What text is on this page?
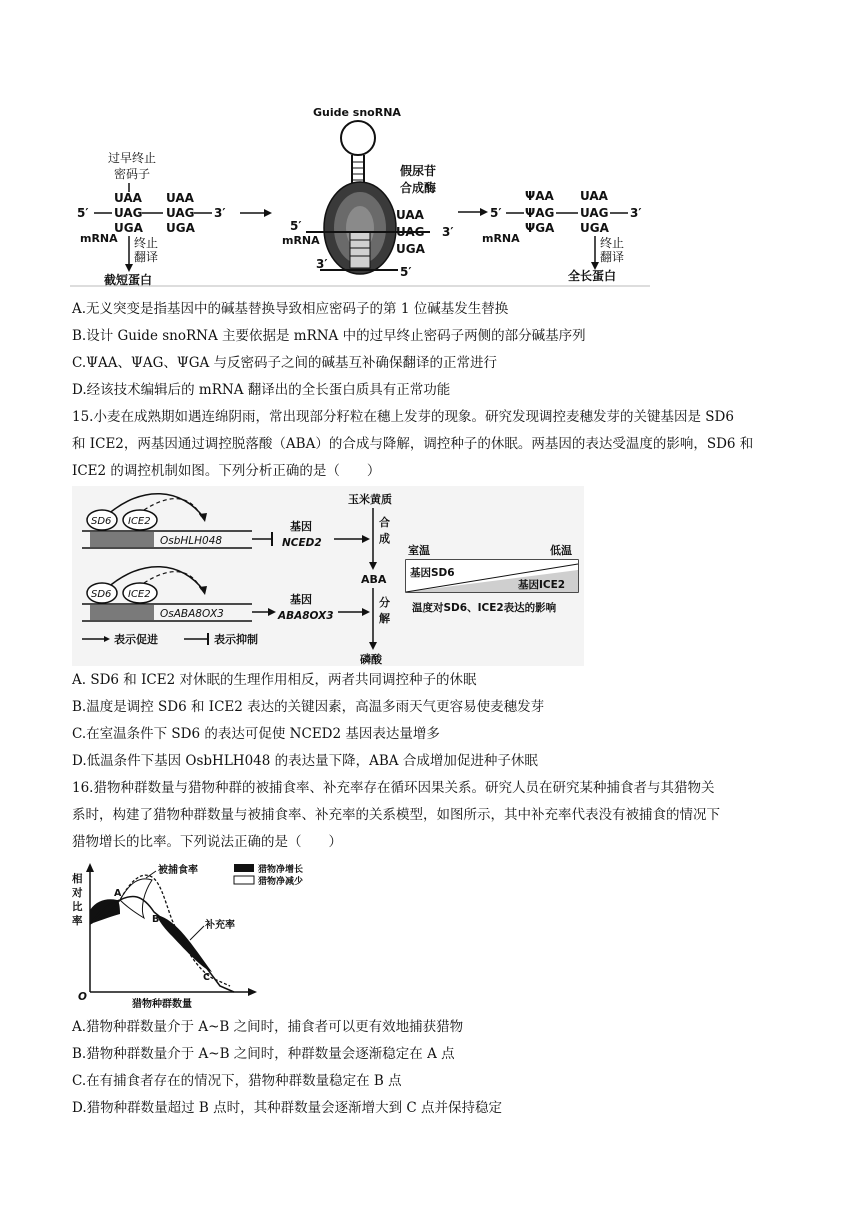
过早终止
密码子
UAA
5′ UAG
UAA
UAG
UGA
3′
mRNA
UGA
终止
翻译
截短蛋白
Guide snoRNA
5′
mRNA
3′
5′
假尿苷
合成酶
UAA
UAG
UGA
3′
5′
ΨAA
ΨAG
ΨGA
UAA
UAG
UGA
3′
mRNA	终止
翻译
全长蛋白
A.无义突变是指基因中的碱基替换导致相应密码子的第 1 位碱基发生替换
B.设计 Guide snoRNA 主要依据是 mRNA 中的过早终止密码子两侧的部分碱基序列
C.ΨAA、ΨAG、ΨGA 与反密码子之间的碱基互补确保翻译的正常进行
D.经该技术编辑后的 mRNA 翻译出的全长蛋白质具有正常功能
15.小麦在成熟期如遇连绵阴雨，常出现部分籽粒在穗上发芽的现象。研究发现调控麦穗发芽的关键基因是 SD6
和 ICE2，两基因通过调控脱落酸（ABA）的合成与降解，调控种子的休眠。两基因的表达受温度的影响，SD6 和
ICE2 的调控机制如图。下列分析正确的是（　　）
SD6 ICE2
OsbHLH048
基因
NCED2
SD6 ICE2
OsABA8OX3
基因
ABA8OX3
表示促进	表示抑制
玉米黄质
合
成
ABA
分
解
磷酸
室温	低温
基因SD6
基因ICE2
温度对SD6、ICE2表达的影响
A. SD6 和 ICE2 对休眠的生理作用相反，两者共同调控种子的休眠
B.温度是调控 SD6 和 ICE2 表达的关键因素，高温多雨天气更容易使麦穗发芽
C.在室温条件下 SD6 的表达可促使 NCED2 基因表达量增多
D.低温条件下基因 OsbHLH048 的表达量下降，ABA 合成增加促进种子休眠
16.猎物种群数量与猎物种群的被捕食率、补充率存在循环因果关系。研究人员在研究某种捕食者与其猎物关
系时，构建了猎物种群数量与被捕食率、补充率的关系模型，如图所示，其中补充率代表没有被捕食的情况下
猎物增长的比率。下列说法正确的是（　　）
相
对
比
率
O
猎物种群数量
被捕食率
补充率
A
B
C
猎物净增长
猎物净减少
A.猎物种群数量介于 A~B 之间时，捕食者可以更有效地捕获猎物
B.猎物种群数量介于 A~B 之间时，种群数量会逐渐稳定在 A 点
C.在有捕食者存在的情况下，猎物种群数量稳定在 B 点
D.猎物种群数量超过 B 点时，其种群数量会逐渐增大到 C 点并保持稳定
